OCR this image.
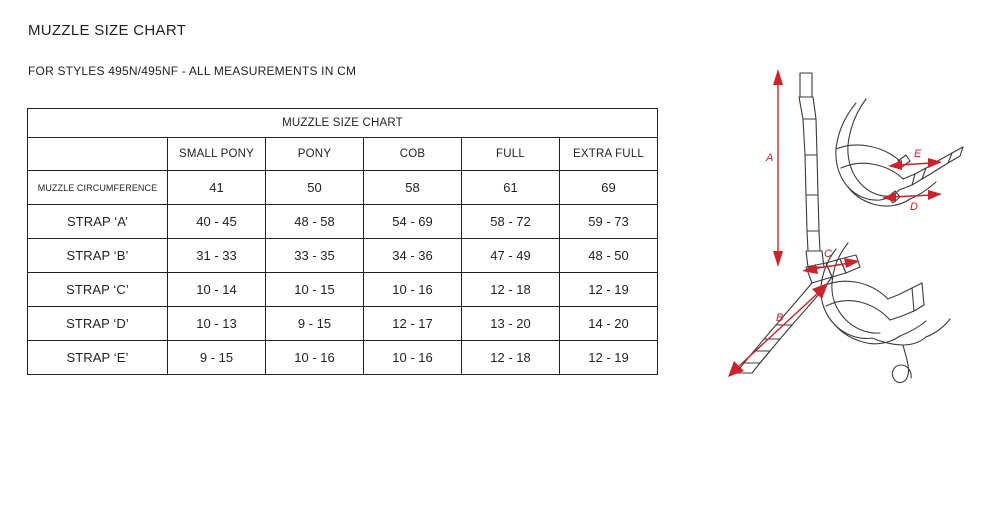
MUZZLE SIZE CHART
FOR STYLES 495N/495NF - ALL MEASUREMENTS IN CM
MUZZLE SIZE CHART					
	SMALL PONY	PONY	COB	FULL	EXTRA FULL
MUZZLE CIRCUMFERENCE	41	50	58	61	69
STRAP ‘A’	40 - 45	48 - 58	54 - 69	58 - 72	59 - 73
STRAP ‘B’	31 - 33	33 - 35	34 - 36	47 - 49	48 - 50
STRAP ‘C’	10 - 14	10 - 15	10 - 16	12 - 18	12 - 19
STRAP ‘D’	10 - 13	9 - 15	12 - 17	13 - 20	14 - 20
STRAP ‘E’	9 - 15	10 - 16	10 - 16	12 - 18	12 - 19
A
B
C
D
E
